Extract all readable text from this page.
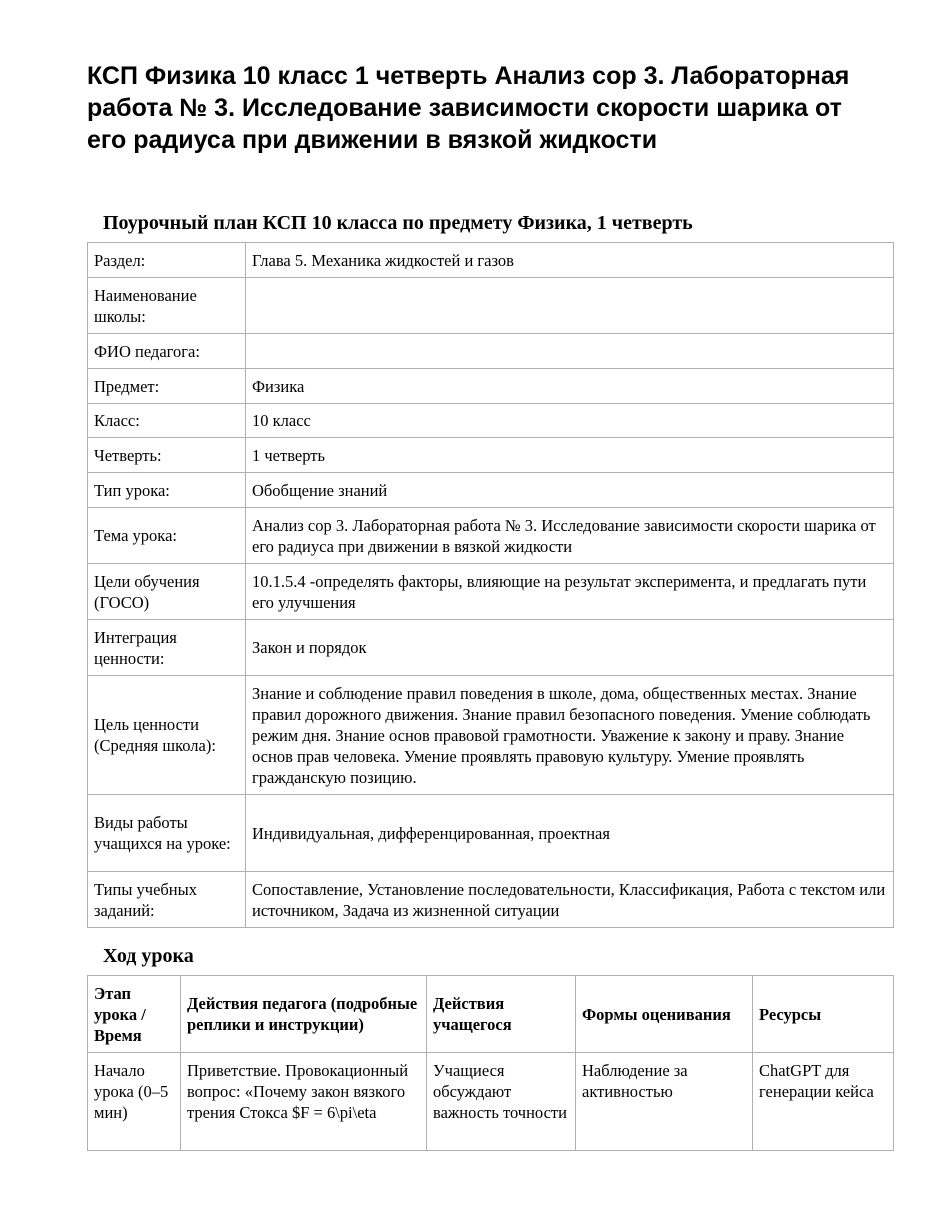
КСП Физика 10 класс 1 четверть Анализ сор 3. Лабораторная работа № 3. Исследование зависимости скорости шарика от его радиуса при движении в вязкой жидкости
Поурочный план КСП 10 класса по предмету Физика, 1 четверть
Раздел:	Глава 5. Механика жидкостей и газов
Наименование школы:	
ФИО педагога:	
Предмет:	Физика
Класс:	10 класс
Четверть:	1 четверть
Тип урока:	Обобщение знаний
Тема урока:	Анализ сор 3. Лабораторная работа № 3. Исследование зависимости скорости шарика от его радиуса при движении в вязкой жидкости
Цели обучения (ГОСО)	10.1.5.4 -определять факторы, влияющие на результат эксперимента, и предлагать пути его улучшения
Интеграция ценности:	Закон и порядок
Цель ценности (Средняя школа):	Знание и соблюдение правил поведения в школе, дома, общественных местах. Знание правил дорожного движения. Знание правил безопасного поведения. Умение соблюдать режим дня. Знание основ правовой грамотности. Уважение к закону и праву. Знание основ прав человека. Умение проявлять правовую культуру. Умение проявлять гражданскую позицию.
Виды работы учащихся на уроке:	Индивидуальная, дифференцированная, проектная
Типы учебных заданий:	Сопоставление, Установление последовательности, Классификация, Работа с текстом или источником, Задача из жизненной ситуации
Ход урока
Этап урока / Время	Действия педагога (подробные реплики и инструкции)	Действия учащегося	Формы оценивания	Ресурсы
Начало урока (0–5 мин)	Приветствие. Провокационный вопрос: «Почему закон вязкого трения Стокса $F = 6\pi\eta	Учащиеся обсуждают важность точности	Наблюдение за активностью	ChatGPT для генерации кейса
